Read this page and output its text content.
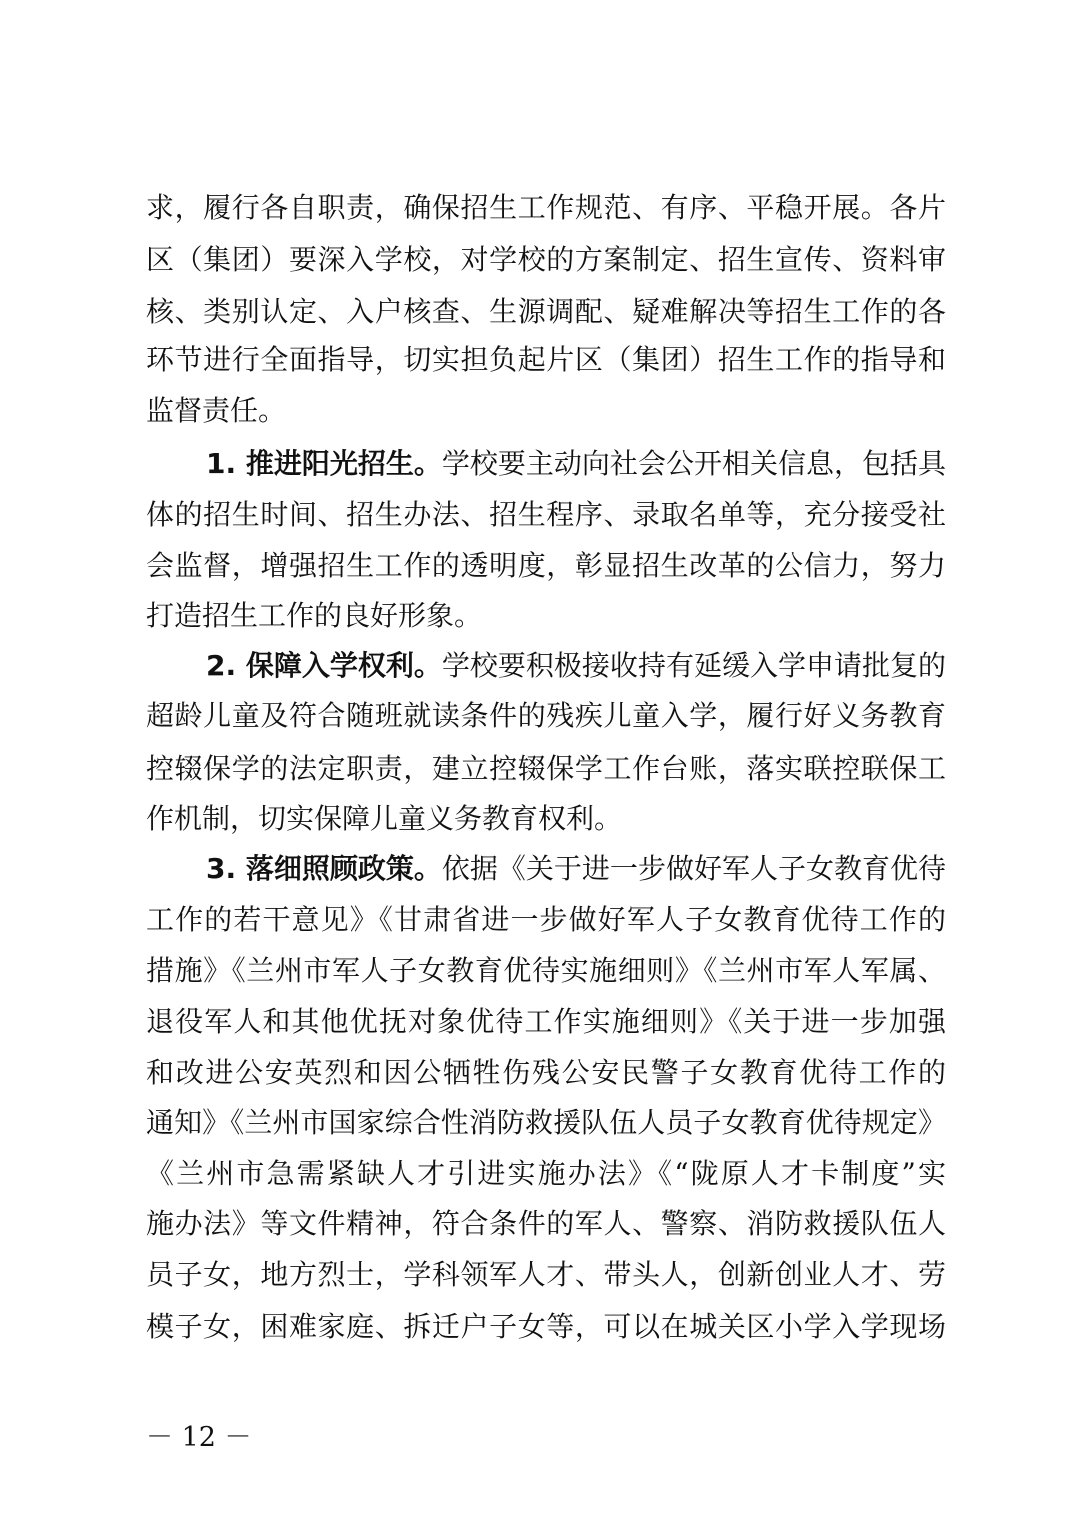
求，履行各自职责，确保招生工作规范、有序、平稳开展。各片
区（集团）要深入学校，对学校的方案制定、招生宣传、资料审
核、类别认定、入户核查、生源调配、疑难解决等招生工作的各
环节进行全面指导，切实担负起片区（集团）招生工作的指导和
监督责任。
1. 推进阳光招生。学校要主动向社会公开相关信息，包括具
体的招生时间、招生办法、招生程序、录取名单等，充分接受社
会监督，增强招生工作的透明度，彰显招生改革的公信力，努力
打造招生工作的良好形象。
2. 保障入学权利。学校要积极接收持有延缓入学申请批复的
超龄儿童及符合随班就读条件的残疾儿童入学，履行好义务教育
控辍保学的法定职责，建立控辍保学工作台账，落实联控联保工
作机制，切实保障儿童义务教育权利。
3. 落细照顾政策。依据《关于进一步做好军人子女教育优待
工作的若干意见》《甘肃省进一步做好军人子女教育优待工作的
措施》《兰州市军人子女教育优待实施细则》《兰州市军人军属、
退役军人和其他优抚对象优待工作实施细则》《关于进一步加强
和改进公安英烈和因公牺牲伤残公安民警子女教育优待工作的
通知》《兰州市国家综合性消防救援队伍人员子女教育优待规定》
《兰州市急需紧缺人才引进实施办法》《“陇原人才卡制度”实
施办法》等文件精神，符合条件的军人、警察、消防救援队伍人
员子女，地方烈士，学科领军人才、带头人，创新创业人才、劳
模子女，困难家庭、拆迁户子女等，可以在城关区小学入学现场
－ 12 －
